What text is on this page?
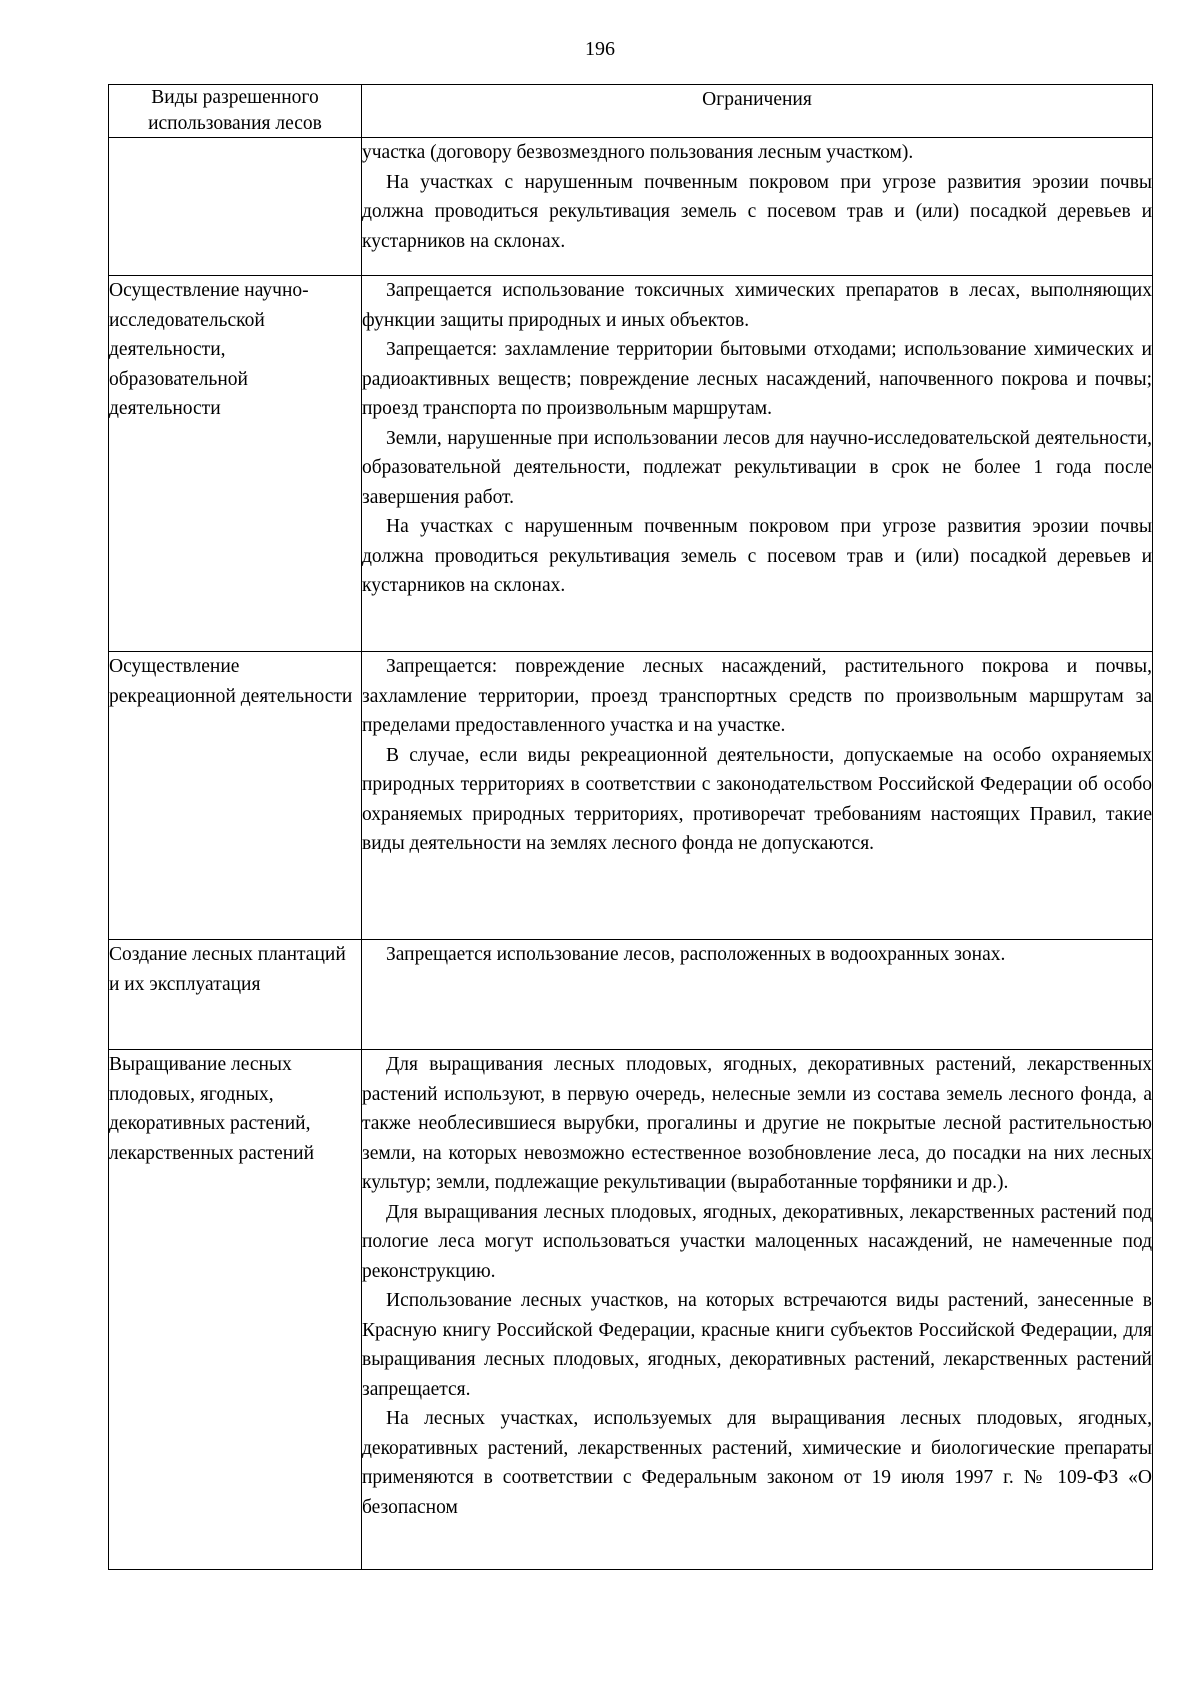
196
Виды разрешенного использования лесов	Ограничения

	участка (договору безвозмездного пользования лесным участком).

На участках с нарушенным почвенным покровом при угрозе развития эрозии почвы должна проводиться рекультивация земель с посевом трав и (или) посадкой деревьев и кустарников на склонах.

Осуществление научно-исследовательской деятельности, образовательной деятельности	Запрещается использование токсичных химических препаратов в лесах, выполняющих функции защиты природных и иных объектов.

Запрещается: захламление территории бытовыми отходами; использование химических и радиоактивных веществ; повреждение лесных насаждений, напочвенного покрова и почвы; проезд транспорта по произвольным маршрутам.

Земли, нарушенные при использовании лесов для научно-исследовательской деятельности, образовательной деятельности, подлежат рекультивации в срок не более 1 года после завершения работ.

На участках с нарушенным почвенным покровом при угрозе развития эрозии почвы должна проводиться рекультивация земель с посевом трав и (или) посадкой деревьев и кустарников на склонах.

Осуществление рекреационной деятельности	Запрещается: повреждение лесных насаждений, растительного покрова и почвы, захламление территории, проезд транспортных средств по произвольным маршрутам за пределами предоставленного участка и на участке.

В случае, если виды рекреационной деятельности, допускаемые на особо охраняемых природных территориях в соответствии с законодательством Российской Федерации об особо охраняемых природных территориях, противоречат требованиям настоящих Правил, такие виды деятельности на землях лесного фонда не допускаются.

Создание лесных плантаций и их эксплуатация	Запрещается использование лесов, расположенных в водоохранных зонах.

Выращивание лесных плодовых, ягодных, декоративных растений, лекарственных растений	Для выращивания лесных плодовых, ягодных, декоративных растений, лекарственных растений используют, в первую очередь, нелесные земли из состава земель лесного фонда, а также необлесившиеся вырубки, прогалины и другие не покрытые лесной растительностью земли, на которых невозможно естественное возобновление леса, до посадки на них лесных культур; земли, подлежащие рекультивации (выработанные торфяники и др.).

Для выращивания лесных плодовых, ягодных, декоративных, лекарственных растений под пологие леса могут использоваться участки малоценных насаждений, не намеченные под реконструкцию.

Использование лесных участков, на которых встречаются виды растений, занесенные в Красную книгу Российской Федерации, красные книги субъектов Российской Федерации, для выращивания лесных плодовых, ягодных, декоративных растений, лекарственных растений запрещается.

На лесных участках, используемых для выращивания лесных плодовых, ягодных, декоративных растений, лекарственных растений, химические и биологические препараты применяются в соответствии с Федеральным законом от 19 июля 1997 г. № 109-ФЗ «О безопасном
